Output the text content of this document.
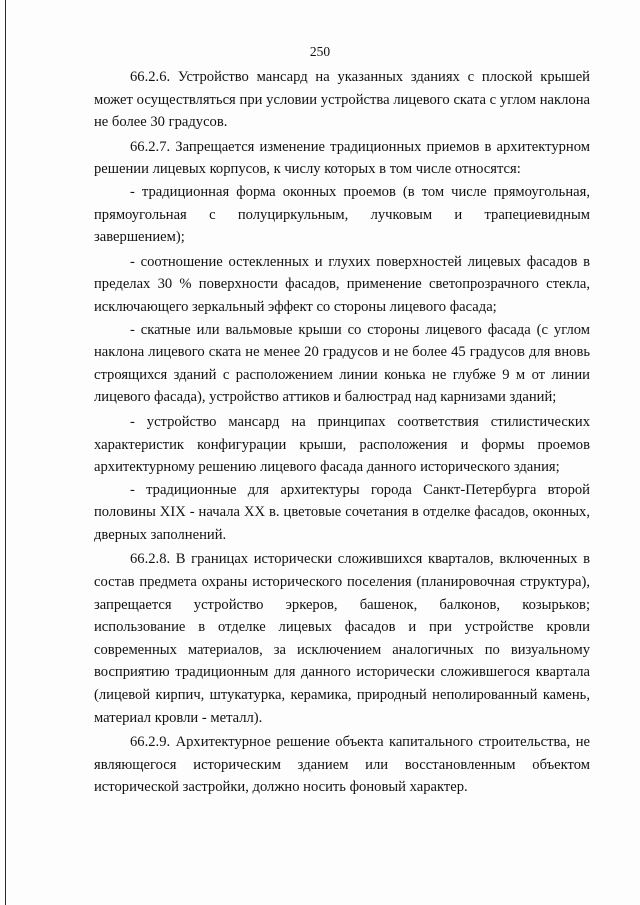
250

66.2.6. Устройство мансард на указанных зданиях с плоской крышей может осуществляться при условии устройства лицевого ската с углом наклона не более 30 градусов.

66.2.7. Запрещается изменение традиционных приемов в архитектурном решении лицевых корпусов, к числу которых в том числе относятся:

- традиционная форма оконных проемов (в том числе прямоугольная, прямоугольная с полуциркульным, лучковым и трапециевидным завершением);

- соотношение остекленных и глухих поверхностей лицевых фасадов в пределах 30 % поверхности фасадов, применение светопрозрачного стекла, исключающего зеркальный эффект со стороны лицевого фасада;

- скатные или вальмовые крыши со стороны лицевого фасада (с углом наклона лицевого ската не менее 20 градусов и не более 45 градусов для вновь строящихся зданий с расположением линии конька не глубже 9 м от линии лицевого фасада), устройство аттиков и балюстрад над карнизами зданий;

- устройство мансард на принципах соответствия стилистических характеристик конфигурации крыши, расположения и формы проемов архитектурному решению лицевого фасада данного исторического здания;

- традиционные для архитектуры города Санкт-Петербурга второй половины XIX - начала XX в. цветовые сочетания в отделке фасадов, оконных, дверных заполнений.

66.2.8. В границах исторически сложившихся кварталов, включенных в состав предмета охраны исторического поселения (планировочная структура), запрещается устройство эркеров, башенок, балконов, козырьков; использование в отделке лицевых фасадов и при устройстве кровли современных материалов, за исключением аналогичных по визуальному восприятию традиционным для данного исторически сложившегося квартала (лицевой кирпич, штукатурка, керамика, природный неполированный камень, материал кровли - металл).

66.2.9. Архитектурное решение объекта капитального строительства, не являющегося историческим зданием или восстановленным объектом исторической застройки, должно носить фоновый характер.
